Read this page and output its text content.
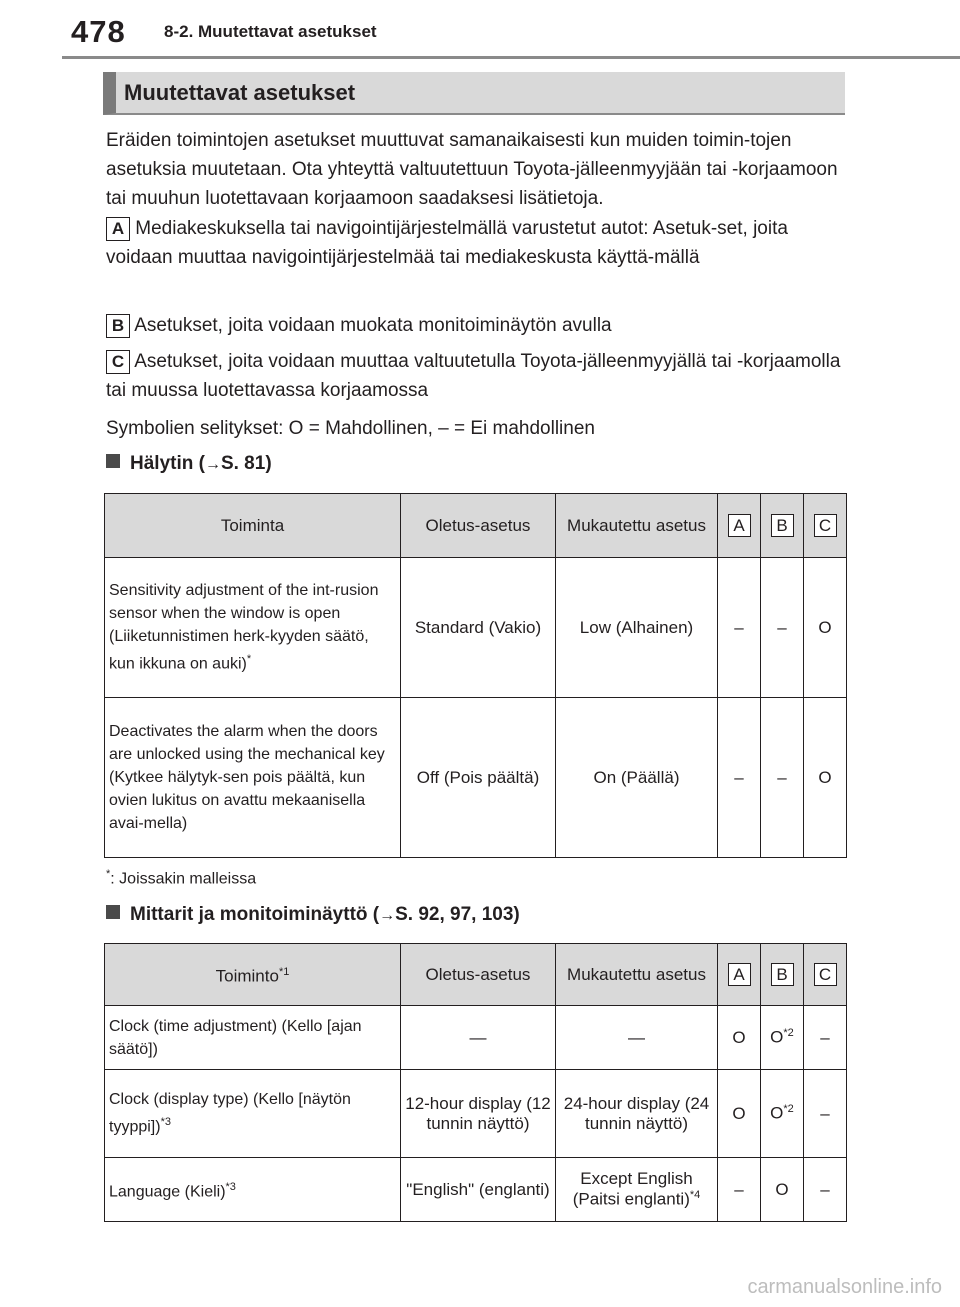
478 8-2. Muutettavat asetukset
Muutettavat asetukset

Eräiden toimintojen asetukset muuttuvat samanaikaisesti kun muiden toimin-tojen asetuksia muutetaan. Ota yhteyttä valtuutettuun Toyota-jälleenmyyjään tai -korjaamoon tai muuhun luotettavaan korjaamoon saadaksesi lisätietoja.

A Mediakeskuksella tai navigointijärjestelmällä varustetut autot: Asetuk-set, joita voidaan muuttaa navigointijärjestelmää tai mediakeskusta käyttä-mällä

B Asetukset, joita voidaan muokata monitoiminäytön avulla

C Asetukset, joita voidaan muuttaa valtuutetulla Toyota-jälleenmyyjällä tai -korjaamolla tai muussa luotettavassa korjaamossa

Symbolien selitykset: O = Mahdollinen, – = Ei mahdollinen

Hälytin (→S. 81)
Toiminta	Oletus-asetus	Mukautettu asetus	A	B	C
Sensitivity adjustment of the int-rusion sensor when the window is open (Liiketunnistimen herk-kyyden säätö, kun ikkuna on auki)*	Standard (Vakio)	Low (Alhainen)	–	–	O
Deactivates the alarm when the doors are unlocked using the mechanical key (Kytkee hälytyk-sen pois päältä, kun ovien lukitus on avattu mekaanisella avai-mella)	Off (Pois päältä)	On (Päällä)	–	–	O
*: Joissakin malleissa
Mittarit ja monitoiminäyttö (→S. 92, 97, 103)
Toiminto$^{*1}$	Oletus-asetus	Mukautettu asetus	A	B	C
Clock (time adjustment) (Kello [ajan säätö])	—	—	O	$O^{*2}$	–
Clock (display type) (Kello [näytön tyyppi])$^{*3}$	12-hour display (12 tunnin näyttö)	24-hour display (24 tunnin näyttö)	O	$O^{*2}$	–
Language (Kieli)$^{*3}$	"English" (englanti)	Except English (Paitsi englanti)$^{*4}$	–	O	–
carmanualsonline.info
